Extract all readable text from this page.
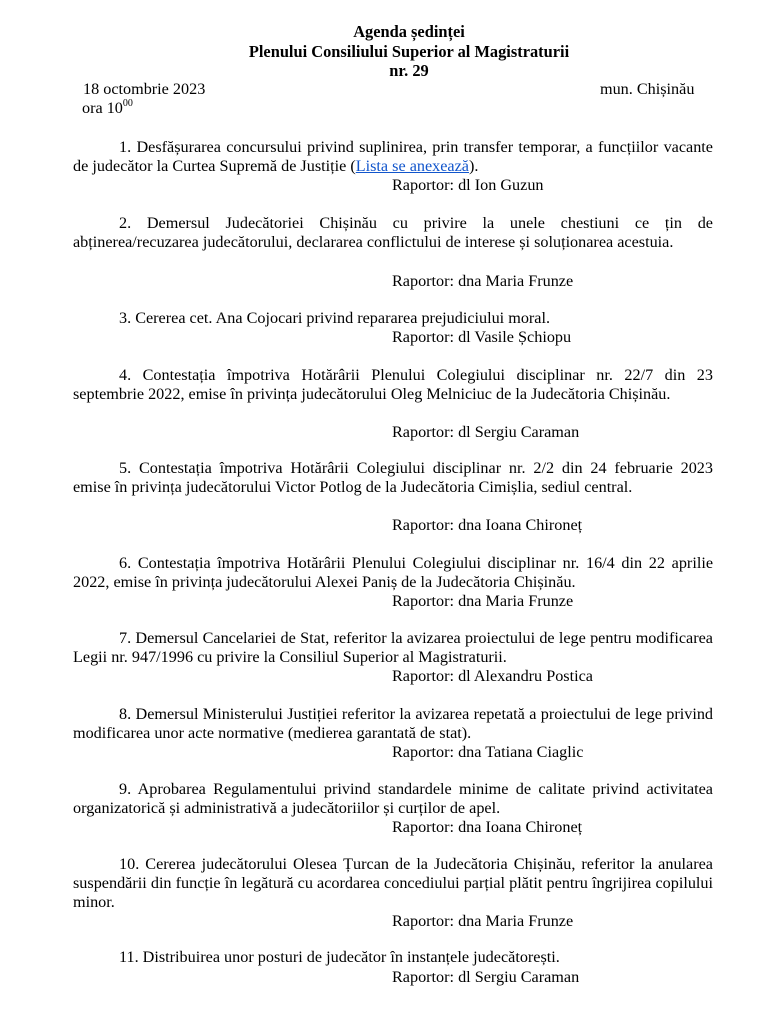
Agenda ședinței
Plenului Consiliului Superior al Magistraturii
nr. 29
18 octombrie 2023	mun. Chișinău
ora $10^{00}$
1. Desfășurarea concursului privind suplinirea, prin transfer temporar, a funcțiilor vacante de judecător la Curtea Supremă de Justiție (Lista se anexează).
Raportor: dl Ion Guzun
2. Demersul Judecătoriei Chișinău cu privire la unele chestiuni ce țin de abținerea/recuzarea judecătorului, declararea conflictului de interese și soluționarea acestuia.
Raportor: dna Maria Frunze
3. Cererea cet. Ana Cojocari privind repararea prejudiciului moral.
Raportor: dl Vasile Șchiopu
4. Contestația împotriva Hotărârii Plenului Colegiului disciplinar nr. 22/7 din 23 septembrie 2022, emise în privința judecătorului Oleg Melniciuc de la Judecătoria Chișinău.
Raportor: dl Sergiu Caraman
5. Contestația împotriva Hotărârii Colegiului disciplinar nr. 2/2 din 24 februarie 2023 emise în privința judecătorului Victor Potlog de la Judecătoria Cimișlia, sediul central.
Raportor: dna Ioana Chironeț
6. Contestația împotriva Hotărârii Plenului Colegiului disciplinar nr. 16/4 din 22 aprilie 2022, emise în privința judecătorului Alexei Paniș de la Judecătoria Chișinău.
Raportor: dna Maria Frunze
7. Demersul Cancelariei de Stat, referitor la avizarea proiectului de lege pentru modificarea Legii nr. 947/1996 cu privire la Consiliul Superior al Magistraturii.
Raportor: dl Alexandru Postica
8. Demersul Ministerului Justiției referitor la avizarea repetată a proiectului de lege privind modificarea unor acte normative (medierea garantată de stat).
Raportor: dna Tatiana Ciaglic
9. Aprobarea Regulamentului privind standardele minime de calitate privind activitatea organizatorică și administrativă a judecătoriilor și curților de apel.
Raportor: dna Ioana Chironeț
10. Cererea judecătorului Olesea Țurcan de la Judecătoria Chișinău, referitor la anularea suspendării din funcție în legătură cu acordarea concediului parțial plătit pentru îngrijirea copilului minor.
Raportor: dna Maria Frunze
11. Distribuirea unor posturi de judecător în instanțele judecătorești.
Raportor: dl Sergiu Caraman
